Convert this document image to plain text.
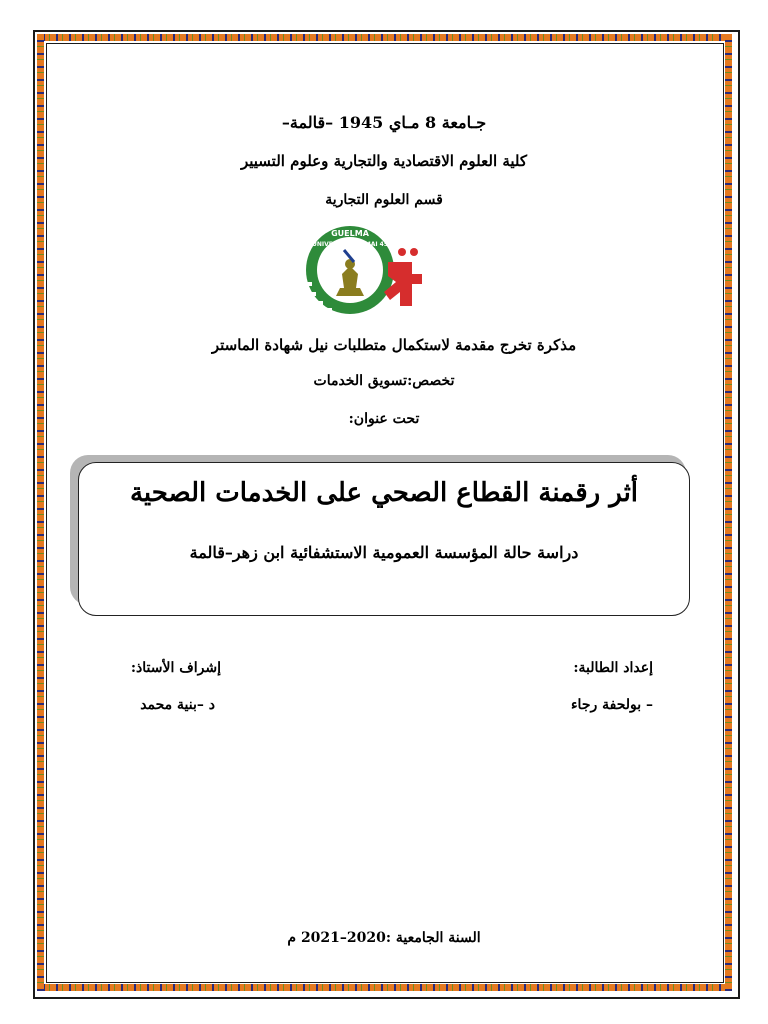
جـامعة 8 مـاي 1945 –قالمة–
كلية العلوم الاقتصادية والتجارية وعلوم التسيير
قسم العلوم التجارية
GUELMA
UNIVERSITE 08 MAI 45
مذكرة تخرج مقدمة لاستكمال متطلبات نيل شهادة الماستر
تخصص:تسويق الخدمات
تحت عنوان:
أثر رقمنة القطاع الصحي على الخدمات الصحية
دراسة حالة المؤسسة العمومية الاستشفائية ابن زهر–قالمة
إعداد الطالبة:
– بولحفة رجاء
إشراف الأستاذ:
د –بنية محمد
السنة الجامعية :2020–2021 م
